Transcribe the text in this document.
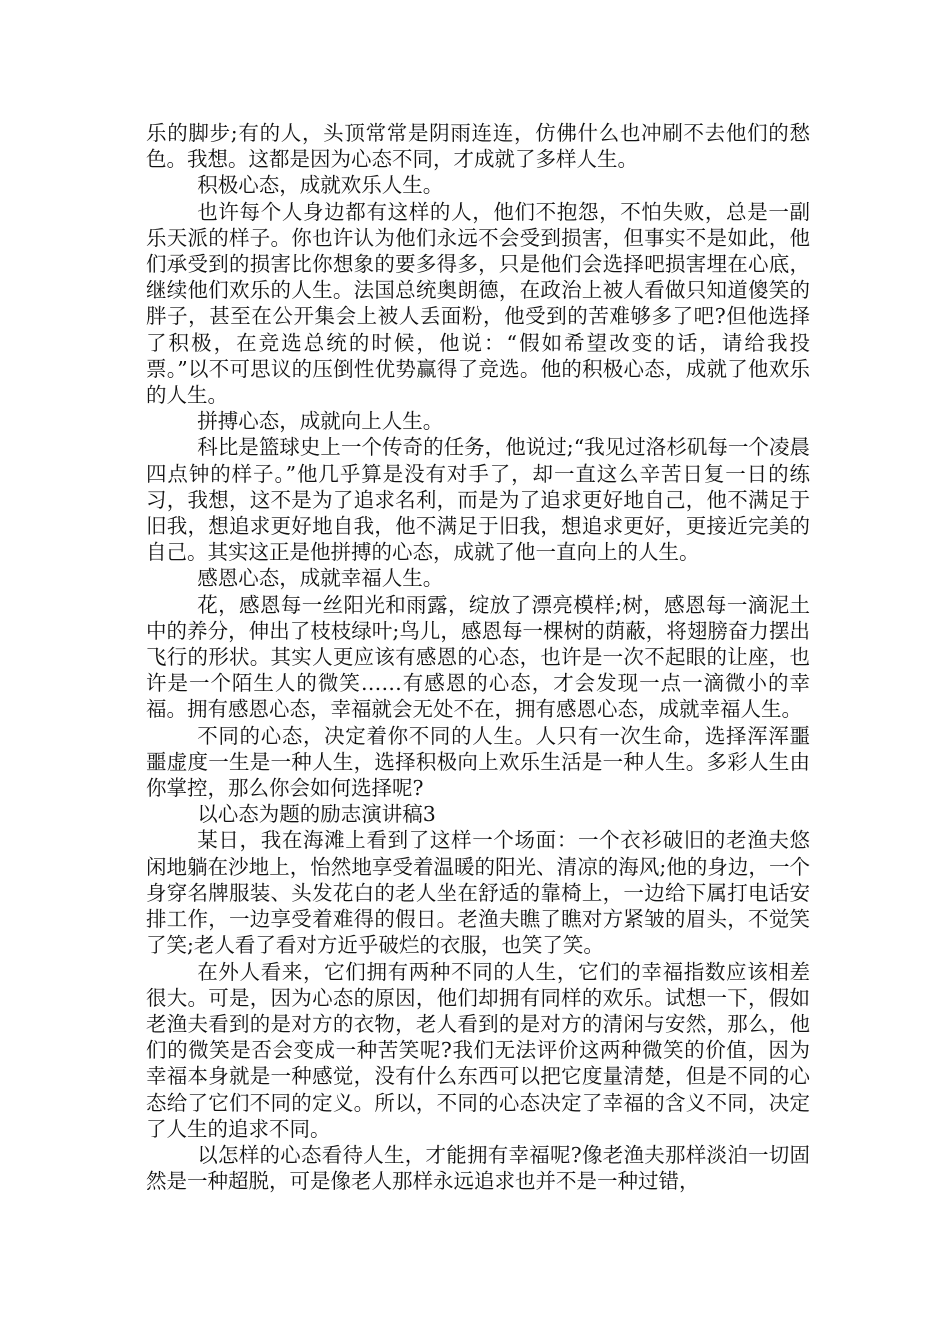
乐的脚步;有的人，头顶常常是阴雨连连，仿佛什么也冲刷不去他们的愁色。我想。这都是因为心态不同，才成就了多样人生。

积极心态，成就欢乐人生。

也许每个人身边都有这样的人，他们不抱怨，不怕失败，总是一副乐天派的样子。你也许认为他们永远不会受到损害，但事实不是如此，他们承受到的损害比你想象的要多得多，只是他们会选择吧损害埋在心底，继续他们欢乐的人生。法国总统奥朗德，在政治上被人看做只知道傻笑的胖子，甚至在公开集会上被人丢面粉，他受到的苦难够多了吧?但他选择了积极，在竞选总统的时候，他说：“假如希望改变的话，请给我投票。”以不可思议的压倒性优势赢得了竞选。他的积极心态，成就了他欢乐的人生。

拼搏心态，成就向上人生。

科比是篮球史上一个传奇的任务，他说过;“我见过洛杉矶每一个凌晨四点钟的样子。”他几乎算是没有对手了，却一直这么辛苦日复一日的练习，我想，这不是为了追求名利，而是为了追求更好地自己，他不满足于旧我，想追求更好地自我，他不满足于旧我，想追求更好，更接近完美的自己。其实这正是他拼搏的心态，成就了他一直向上的人生。

感恩心态，成就幸福人生。

花，感恩每一丝阳光和雨露，绽放了漂亮模样;树，感恩每一滴泥土中的养分，伸出了枝枝绿叶;鸟儿，感恩每一棵树的荫蔽，将翅膀奋力摆出飞行的形状。其实人更应该有感恩的心态，也许是一次不起眼的让座，也许是一个陌生人的微笑……有感恩的心态，才会发现一点一滴微小的幸福。拥有感恩心态，幸福就会无处不在，拥有感恩心态，成就幸福人生。

不同的心态，决定着你不同的人生。人只有一次生命，选择浑浑噩噩虚度一生是一种人生，选择积极向上欢乐生活是一种人生。多彩人生由你掌控，那么你会如何选择呢?

以心态为题的励志演讲稿3

某日，我在海滩上看到了这样一个场面：一个衣衫破旧的老渔夫悠闲地躺在沙地上，怡然地享受着温暖的阳光、清凉的海风;他的身边，一个身穿名牌服装、头发花白的老人坐在舒适的靠椅上，一边给下属打电话安排工作，一边享受着难得的假日。老渔夫瞧了瞧对方紧皱的眉头，不觉笑了笑;老人看了看对方近乎破烂的衣服，也笑了笑。

在外人看来，它们拥有两种不同的人生，它们的幸福指数应该相差很大。可是，因为心态的原因，他们却拥有同样的欢乐。试想一下，假如老渔夫看到的是对方的衣物，老人看到的是对方的清闲与安然，那么，他们的微笑是否会变成一种苦笑呢?我们无法评价这两种微笑的价值，因为幸福本身就是一种感觉，没有什么东西可以把它度量清楚，但是不同的心态给了它们不同的定义。所以，不同的心态决定了幸福的含义不同，决定了人生的追求不同。

以怎样的心态看待人生，才能拥有幸福呢?像老渔夫那样淡泊一切固然是一种超脱，可是像老人那样永远追求也并不是一种过错，
